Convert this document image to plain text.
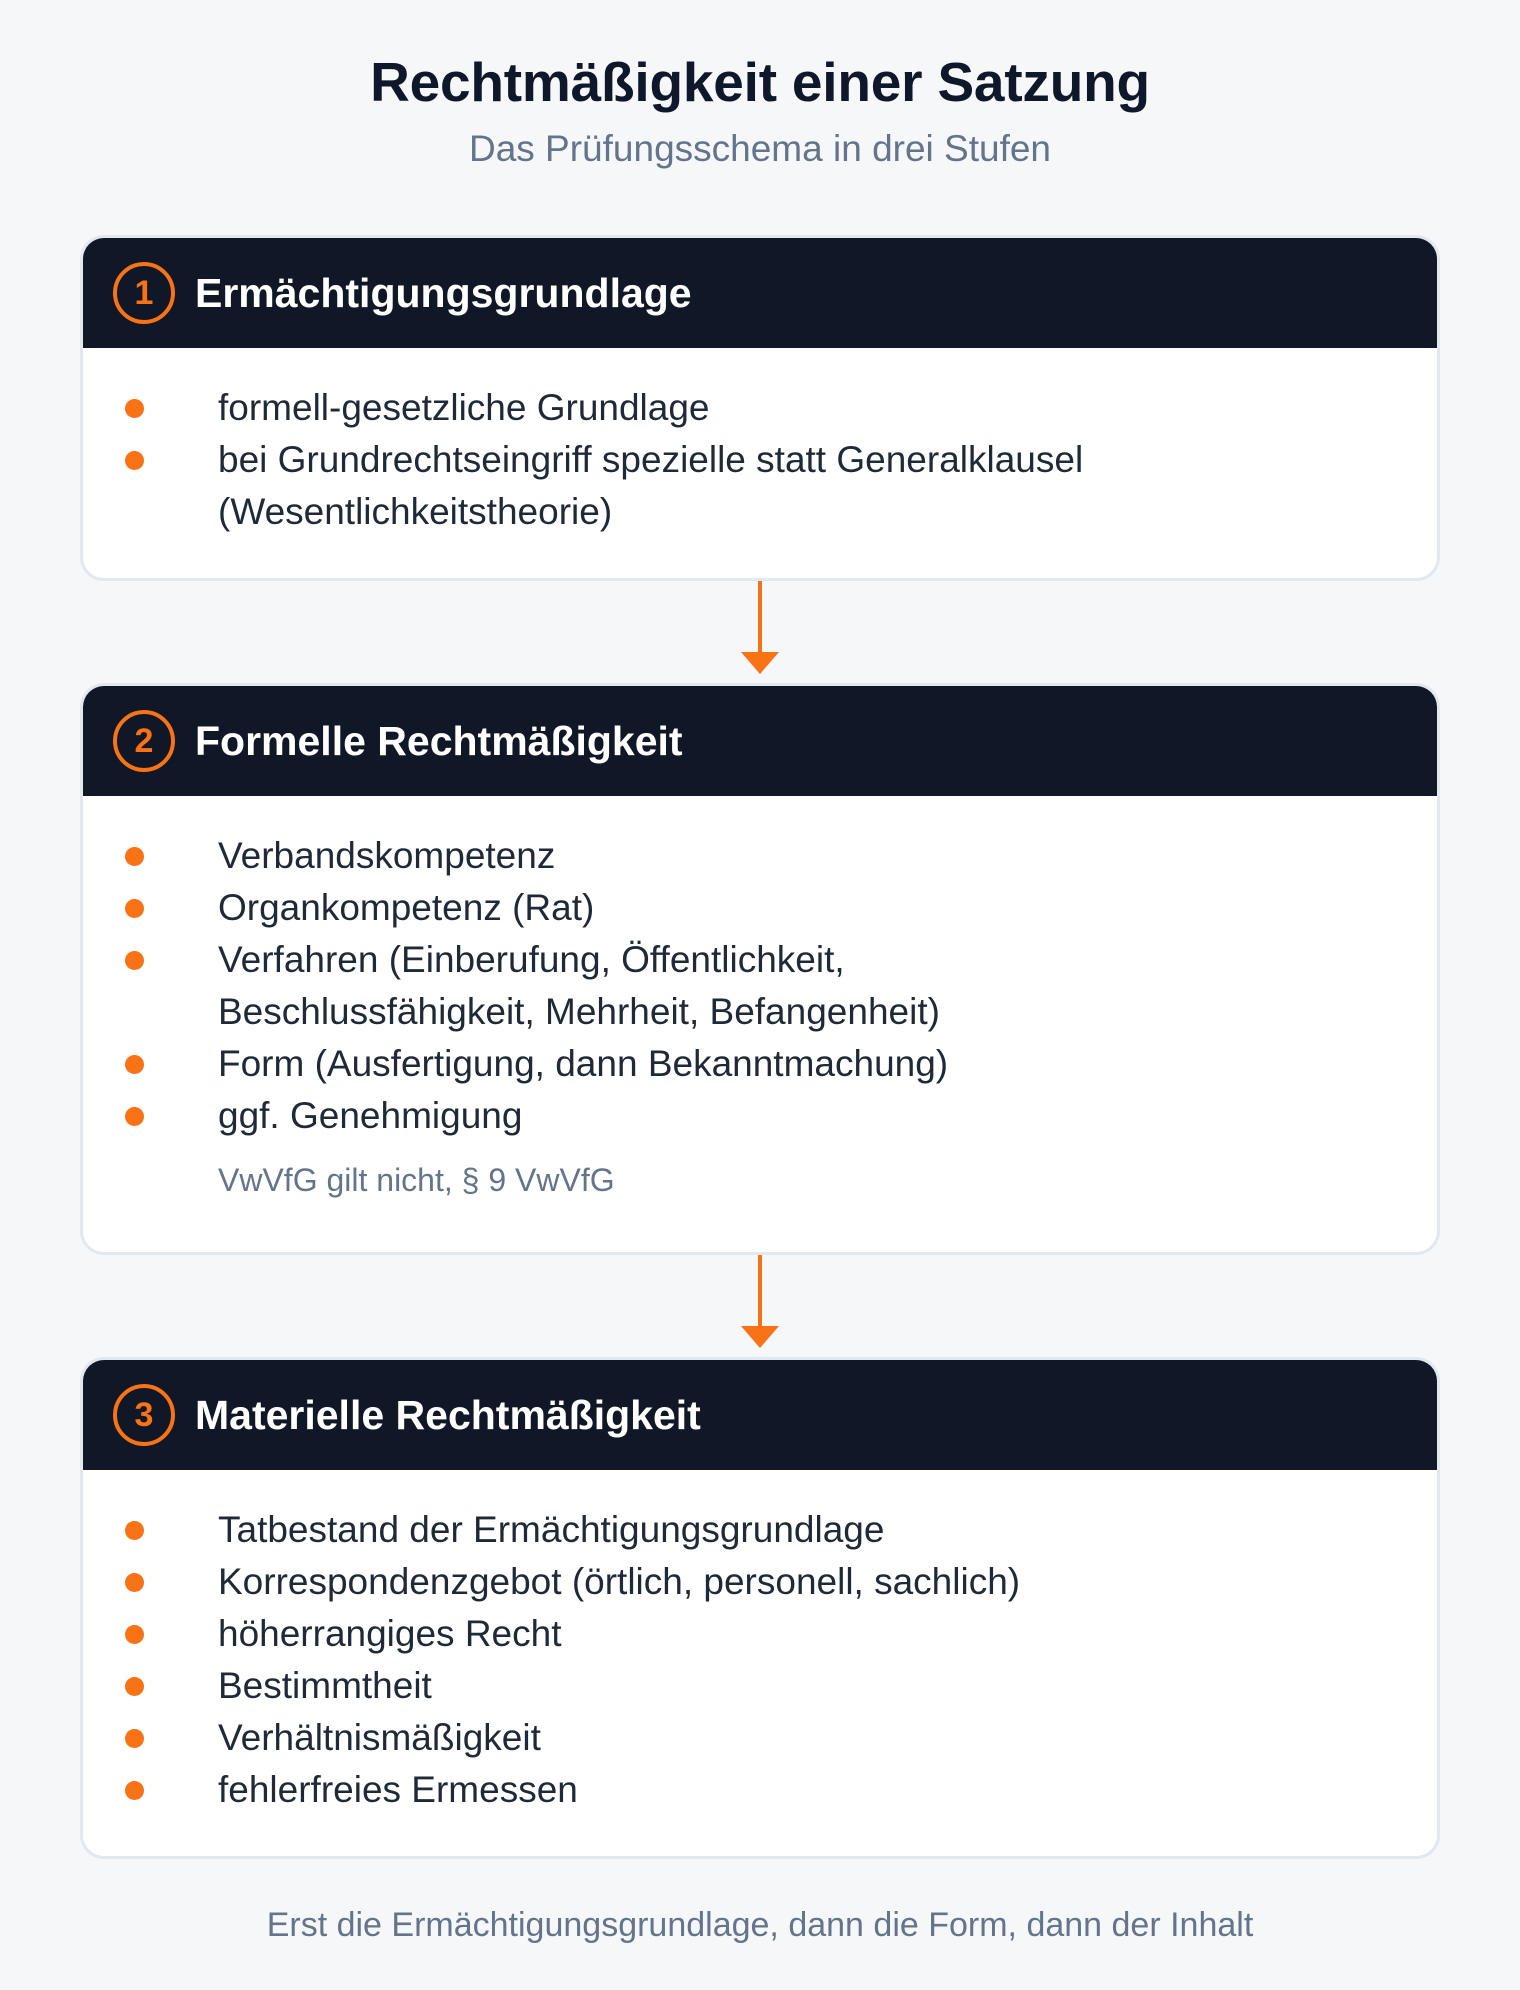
Rechtmäßigkeit einer Satzung
Das Prüfungsschema in drei Stufen
1	Ermächtigungsgrundlage
formell-gesetzliche Grundlage
bei Grundrechtseingriff spezielle statt Generalklausel
(Wesentlichkeitstheorie)
2	Formelle Rechtmäßigkeit
Verbandskompetenz
Organkompetenz (Rat)
Verfahren (Einberufung, Öffentlichkeit,
Beschlussfähigkeit, Mehrheit, Befangenheit)
Form (Ausfertigung, dann Bekanntmachung)
ggf. Genehmigung
VwVfG gilt nicht, § 9 VwVfG
3	Materielle Rechtmäßigkeit
Tatbestand der Ermächtigungsgrundlage
Korrespondenzgebot (örtlich, personell, sachlich)
höherrangiges Recht
Bestimmtheit
Verhältnismäßigkeit
fehlerfreies Ermessen
Erst die Ermächtigungsgrundlage, dann die Form, dann der Inhalt
